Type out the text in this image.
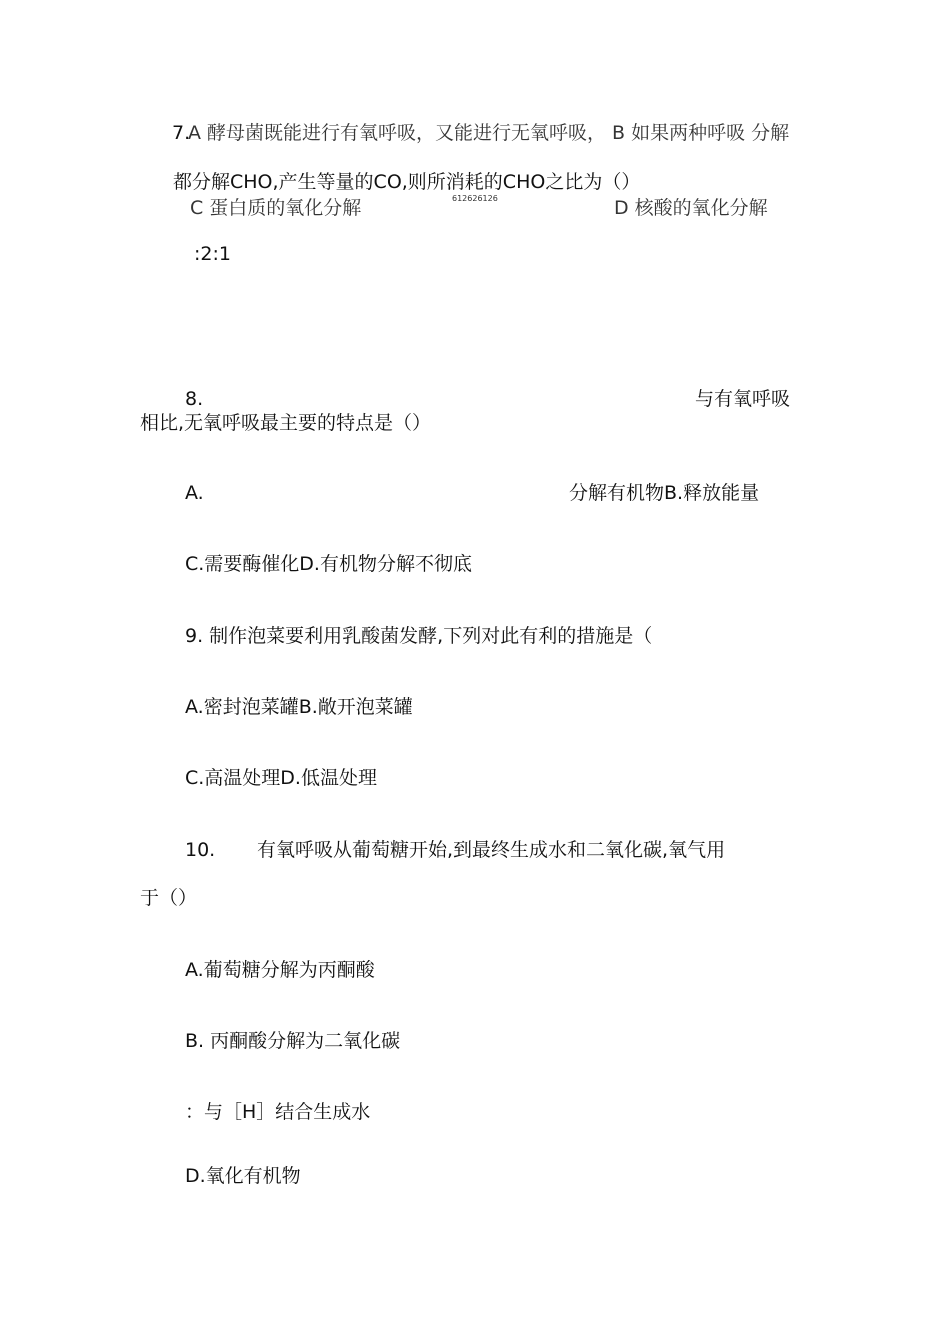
7.
A 酵母菌既能进行有氧呼吸，又能进行无氧呼吸， B 如果两种呼吸 分解
都分解CHO,产生等量的CO,则所消耗的CHO之比为（）
612626126
C 蛋白质的氧化分解	D 核酸的氧化分解
:2:1
8.	与有氧呼吸
相比,无氧呼吸最主要的特点是（）
A.	分解有机物B.释放能量
C.需要酶催化D.有机物分解不彻底
9. 制作泡菜要利用乳酸菌发酵,下列对此有利的措施是（
A.密封泡菜罐B.敞开泡菜罐
C.高温处理D.低温处理
10. 有氧呼吸从葡萄糖开始,到最终生成水和二氧化碳,氧气用
于（）
A.葡萄糖分解为丙酮酸
B. 丙酮酸分解为二氧化碳
：与［H］结合生成水
D.氧化有机物
